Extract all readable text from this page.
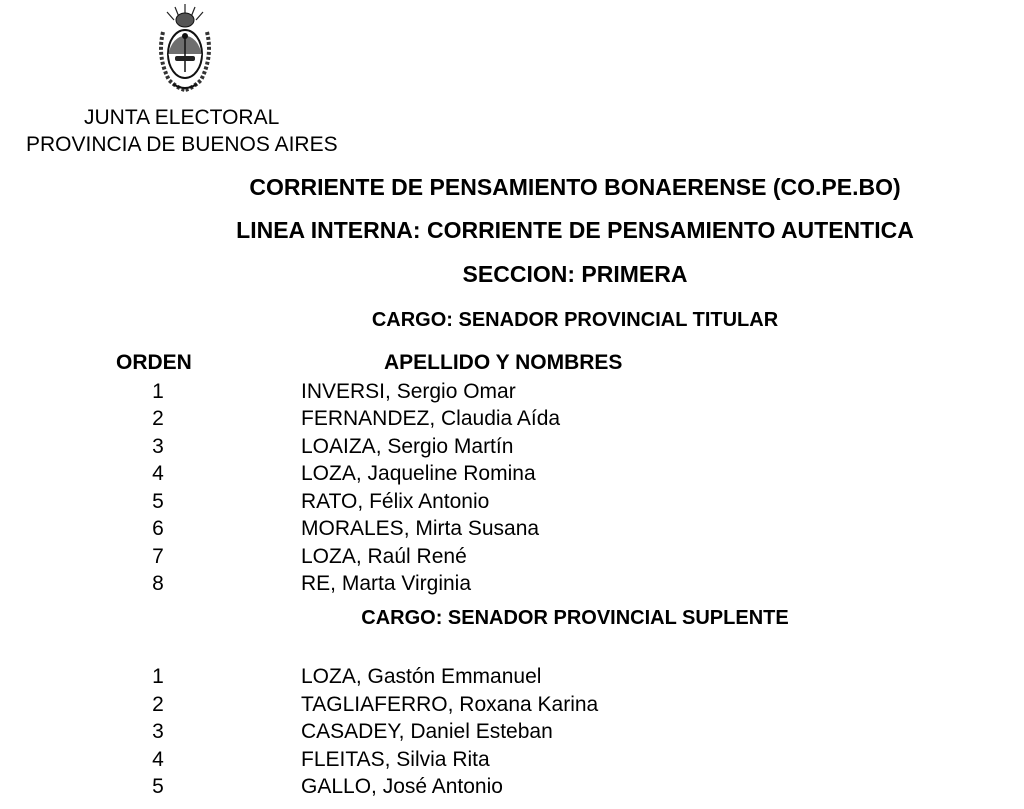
JUNTA ELECTORAL
PROVINCIA DE BUENOS AIRES
CORRIENTE DE PENSAMIENTO BONAERENSE (CO.PE.BO)
LINEA INTERNA: CORRIENTE DE PENSAMIENTO AUTENTICA
SECCION: PRIMERA
CARGO: SENADOR PROVINCIAL TITULAR
ORDEN	APELLIDO Y NOMBRES
1	INVERSI, Sergio Omar
2	FERNANDEZ, Claudia Aída
3	LOAIZA, Sergio Martín
4	LOZA, Jaqueline Romina
5	RATO, Félix Antonio
6	MORALES, Mirta Susana
7	LOZA, Raúl René
8	RE, Marta Virginia
CARGO: SENADOR PROVINCIAL SUPLENTE
1	LOZA, Gastón Emmanuel
2	TAGLIAFERRO, Roxana Karina
3	CASADEY, Daniel Esteban
4	FLEITAS, Silvia Rita
5	GALLO, José Antonio
